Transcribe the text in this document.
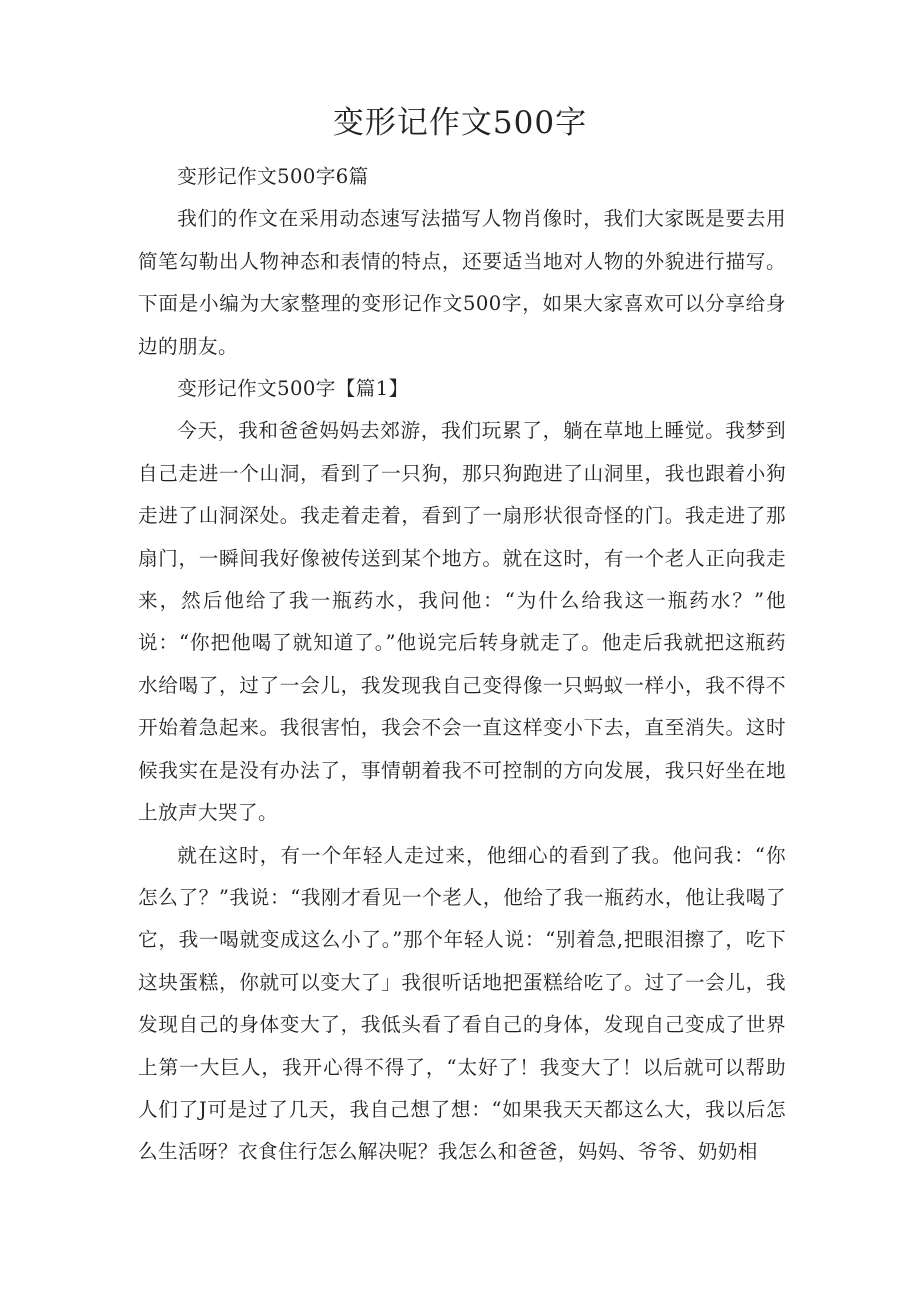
变形记作文500字

变形记作文500字6篇

我们的作文在采用动态速写法描写人物肖像时，我们大家既是要去用简笔勾勒出人物神态和表情的特点，还要适当地对人物的外貌进行描写。下面是小编为大家整理的变形记作文500字，如果大家喜欢可以分享给身边的朋友。

变形记作文500字【篇1】

今天，我和爸爸妈妈去郊游，我们玩累了，躺在草地上睡觉。我梦到自己走进一个山洞，看到了一只狗，那只狗跑进了山洞里，我也跟着小狗走进了山洞深处。我走着走着，看到了一扇形状很奇怪的门。我走进了那扇门，一瞬间我好像被传送到某个地方。就在这时，有一个老人正向我走来，然后他给了我一瓶药水，我问他：“为什么给我这一瓶药水？”他说：“你把他喝了就知道了。”他说完后转身就走了。他走后我就把这瓶药水给喝了，过了一会儿，我发现我自己变得像一只蚂蚁一样小，我不得不开始着急起来。我很害怕，我会不会一直这样变小下去，直至消失。这时候我实在是没有办法了，事情朝着我不可控制的方向发展，我只好坐在地上放声大哭了。

就在这时，有一个年轻人走过来，他细心的看到了我。他问我：“你怎么了？”我说：“我刚才看见一个老人，他给了我一瓶药水，他让我喝了它，我一喝就变成这么小了。”那个年轻人说：“别着急,把眼泪擦了，吃下这块蛋糕，你就可以变大了」我很听话地把蛋糕给吃了。过了一会儿，我发现自己的身体变大了，我低头看了看自己的身体，发现自己变成了世界上第一大巨人，我开心得不得了，“太好了！我变大了！以后就可以帮助人们了J可是过了几天，我自己想了想：“如果我天天都这么大，我以后怎么生活呀？衣食住行怎么解决呢？我怎么和爸爸，妈妈、爷爷、奶奶相
